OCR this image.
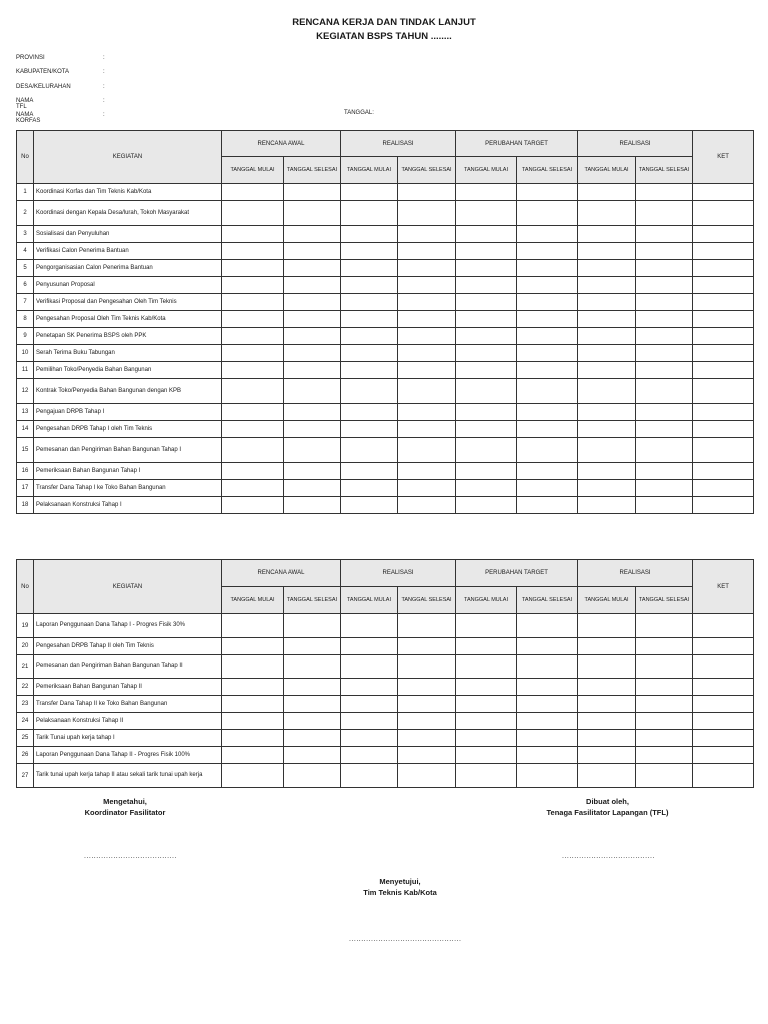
RENCANA KERJA DAN TINDAK LANJUT
KEGIATAN BSPS TAHUN ........
PROVINSI	:
KABUPATEN/KOTA	:
DESA/KELURAHAN	:
NAMA TFL
:
NAMA KORFAS
:	TANGGAL:
No	KEGIATAN	RENCANA AWAL		REALISASI		PERUBAHAN TARGET		REALISASI		KET
		TANGGAL MULAI	TANGGAL SELESAI	TANGGAL MULAI	TANGGAL SELESAI	TANGGAL MULAI	TANGGAL SELESAI	TANGGAL MULAI	TANGGAL SELESAI	
1	Koordinasi Korfas dan Tim Teknis Kab/Kota									
2	Koordinasi dengan Kepala Desa/lurah, Tokoh Masyarakat									
3	Sosialisasi dan Penyuluhan									
4	Verifikasi Calon Penerima Bantuan									
5	Pengorganisasian Calon Penerima Bantuan									
6	Penyusunan Proposal									
7	Verifikasi Proposal dan Pengesahan Oleh Tim Teknis									
8	Pengesahan Proposal Oleh Tim Teknis Kab/Kota									
9	Penetapan SK Penerima BSPS oleh PPK									
10	Serah Terima Buku Tabungan									
11	Pemilihan Toko/Penyedia Bahan Bangunan									
12	Kontrak Toko/Penyedia Bahan Bangunan dengan KPB									
13	Pengajuan DRPB Tahap I									
14	Pengesahan DRPB Tahap I oleh Tim Teknis									
15	Pemesanan dan Pengiriman Bahan Bangunan Tahap I									
16	Pemeriksaan Bahan Bangunan Tahap I									
17	Transfer Dana Tahap I ke Toko Bahan Bangunan									
18	Pelaksanaan Konstruksi Tahap I									
No	KEGIATAN	RENCANA AWAL		REALISASI		PERUBAHAN TARGET		REALISASI		KET
		TANGGAL MULAI	TANGGAL SELESAI	TANGGAL MULAI	TANGGAL SELESAI	TANGGAL MULAI	TANGGAL SELESAI	TANGGAL MULAI	TANGGAL SELESAI	
19	Laporan Penggunaan Dana Tahap I - Progres Fisik 30%									
20	Pengesahan DRPB Tahap II oleh Tim Teknis									
21	Pemesanan dan Pengiriman Bahan Bangunan Tahap II									
22	Pemeriksaan Bahan Bangunan Tahap II									
23	Transfer Dana Tahap II ke Toko Bahan Bangunan									
24	Pelaksanaan Konstruksi Tahap II									
25	Tarik Tunai upah kerja tahap I									
26	Laporan Penggunaan Dana Tahap II - Progres Fisik 100%									
27	Tarik tunai upah kerja tahap II atau sekali tarik tunai upah kerja									
Mengetahui,
Koordinator Fasilitator
Dibuat oleh,
Tenaga Fasilitator Lapangan (TFL)
......................................	......................................
Menyetujui,
Tim Teknis Kab/Kota
..............................................
